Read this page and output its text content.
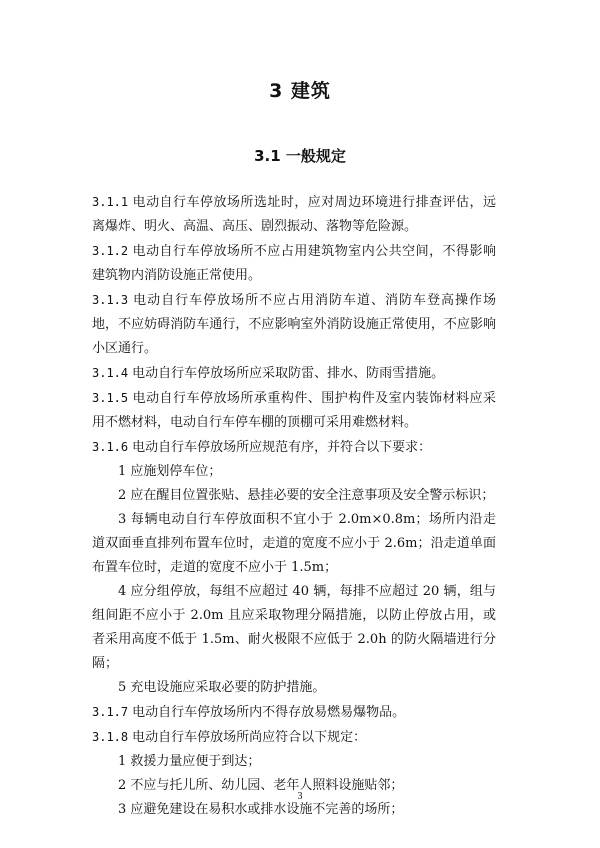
3 建筑
3.1 一般规定

3.1.1 电动自行车停放场所选址时，应对周边环境进行排查评估，远离爆炸、明火、高温、高压、剧烈振动、落物等危险源。

3.1.2 电动自行车停放场所不应占用建筑物室内公共空间，不得影响建筑物内消防设施正常使用。

3.1.3 电动自行车停放场所不应占用消防车道、消防车登高操作场地，不应妨碍消防车通行，不应影响室外消防设施正常使用，不应影响小区通行。

3.1.4 电动自行车停放场所应采取防雷、排水、防雨雪措施。

3.1.5 电动自行车停放场所承重构件、围护构件及室内装饰材料应采用不燃材料，电动自行车停车棚的顶棚可采用难燃材料。

3.1.6 电动自行车停放场所应规范有序，并符合以下要求：

1 应施划停车位；

2 应在醒目位置张贴、悬挂必要的安全注意事项及安全警示标识；

3 每辆电动自行车停放面积不宜小于 2.0m×0.8m；场所内沿走道双面垂直排列布置车位时，走道的宽度不应小于 2.6m；沿走道单面布置车位时，走道的宽度不应小于 1.5m；

4 应分组停放，每组不应超过 40 辆，每排不应超过 20 辆，组与组间距不应小于 2.0m 且应采取物理分隔措施，以防止停放占用，或者采用高度不低于 1.5m、耐火极限不应低于 2.0h 的防火隔墙进行分隔；

5 充电设施应采取必要的防护措施。

3.1.7 电动自行车停放场所内不得存放易燃易爆物品。

3.1.8 电动自行车停放场所尚应符合以下规定：

1 救援力量应便于到达；

2 不应与托儿所、幼儿园、老年人照料设施贴邻；

3 应避免建设在易积水或排水设施不完善的场所；

3
